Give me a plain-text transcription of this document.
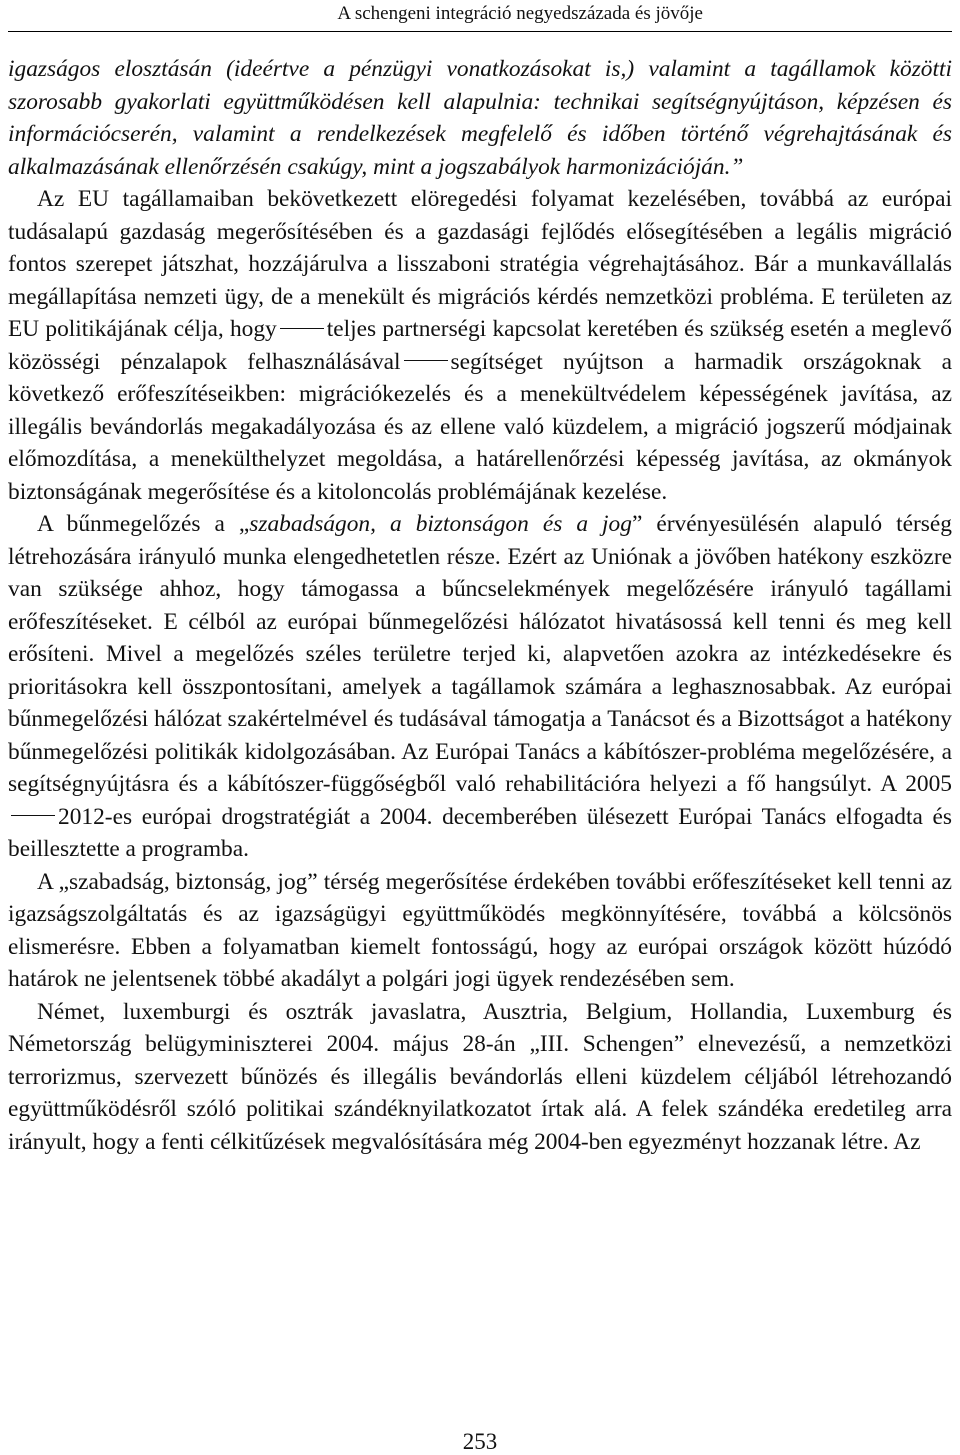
A schengeni integráció negyedszázada és jövője

igazságos elosztásán (ideértve a pénzügyi vonatkozásokat is,) valamint a tagállamok közötti szorosabb gyakorlati együttműködésen kell alapulnia: technikai segítségnyújtáson, képzésen és információcserén, valamint a rendelkezések megfelelő és időben történő végrehajtásának és alkalmazásának ellenőrzésén csakúgy, mint a jogszabályok harmonizációján.”

Az EU tagállamaiban bekövetkezett elöregedési folyamat kezelésében, továbbá az európai tudásalapú gazdaság megerősítésében és a gazdasági fejlődés elősegítésében a legális migráció fontos szerepet játszhat, hozzájárulva a lisszaboni stratégia végrehajtásához. Bár a munkavállalás megállapítása nemzeti ügy, de a menekült és migrációs kérdés nemzetközi probléma. E területen az EU politikájának célja, hogy teljes partnerségi kapcsolat keretében és szükség esetén a meglevő közösségi pénzalapok felhasználásával segítséget nyújtson a harmadik országoknak a következő erőfeszítéseikben: migrációkezelés és a menekültvédelem képességének javítása, az illegális bevándorlás megakadályozása és az ellene való küzdelem, a migráció jogszerű módjainak előmozdítása, a menekülthelyzet megoldása, a határellenőrzési képesség javítása, az okmányok biztonságának megerősítése és a kitoloncolás problémájának kezelése.

A bűnmegelőzés a „szabadságon, a biztonságon és a jog” érvényesülésén alapuló térség létrehozására irányuló munka elengedhetetlen része. Ezért az Uniónak a jövőben hatékony eszközre van szüksége ahhoz, hogy támogassa a bűncselekmények megelőzésére irányuló tagállami erőfeszítéseket. E célból az európai bűnmegelőzési hálózatot hivatásossá kell tenni és meg kell erősíteni. Mivel a megelőzés széles területre terjed ki, alapvetően azokra az intézkedésekre és prioritásokra kell összpontosítani, amelyek a tagállamok számára a leghasznosabbak. Az európai bűnmegelőzési hálózat szakértelmével és tudásával támogatja a Tanácsot és a Bizottságot a hatékony bűnmegelőzési politikák kidolgozásában. Az Európai Tanács a kábítószer-probléma megelőzésére, a segítségnyújtásra és a kábítószer-függőségből való rehabilitációra helyezi a fő hangsúlyt. A 20052012-es európai drogstratégiát a 2004. decemberében ülésezett Európai Tanács elfogadta és beillesztette a programba.

A „szabadság, biztonság, jog” térség megerősítése érdekében további erőfeszítéseket kell tenni az igazságszolgáltatás és az igazságügyi együttműködés megkönnyítésére, továbbá a kölcsönös elismerésre. Ebben a folyamatban kiemelt fontosságú, hogy az európai országok között húzódó határok ne jelentsenek többé akadályt a polgári jogi ügyek rendezésében sem.

Német, luxemburgi és osztrák javaslatra, Ausztria, Belgium, Hollandia, Luxemburg és Németország belügyminiszterei 2004. május 28-án „III. Schengen” elnevezésű, a nemzetközi terrorizmus, szervezett bűnözés és illegális bevándorlás elleni küzdelem céljából létrehozandó együttműködésről szóló politikai szándéknyilatkozatot írtak alá. A felek szándéka eredetileg arra irányult, hogy a fenti célkitűzések megvalósítására még 2004-ben egyezményt hozzanak létre. Az

253
